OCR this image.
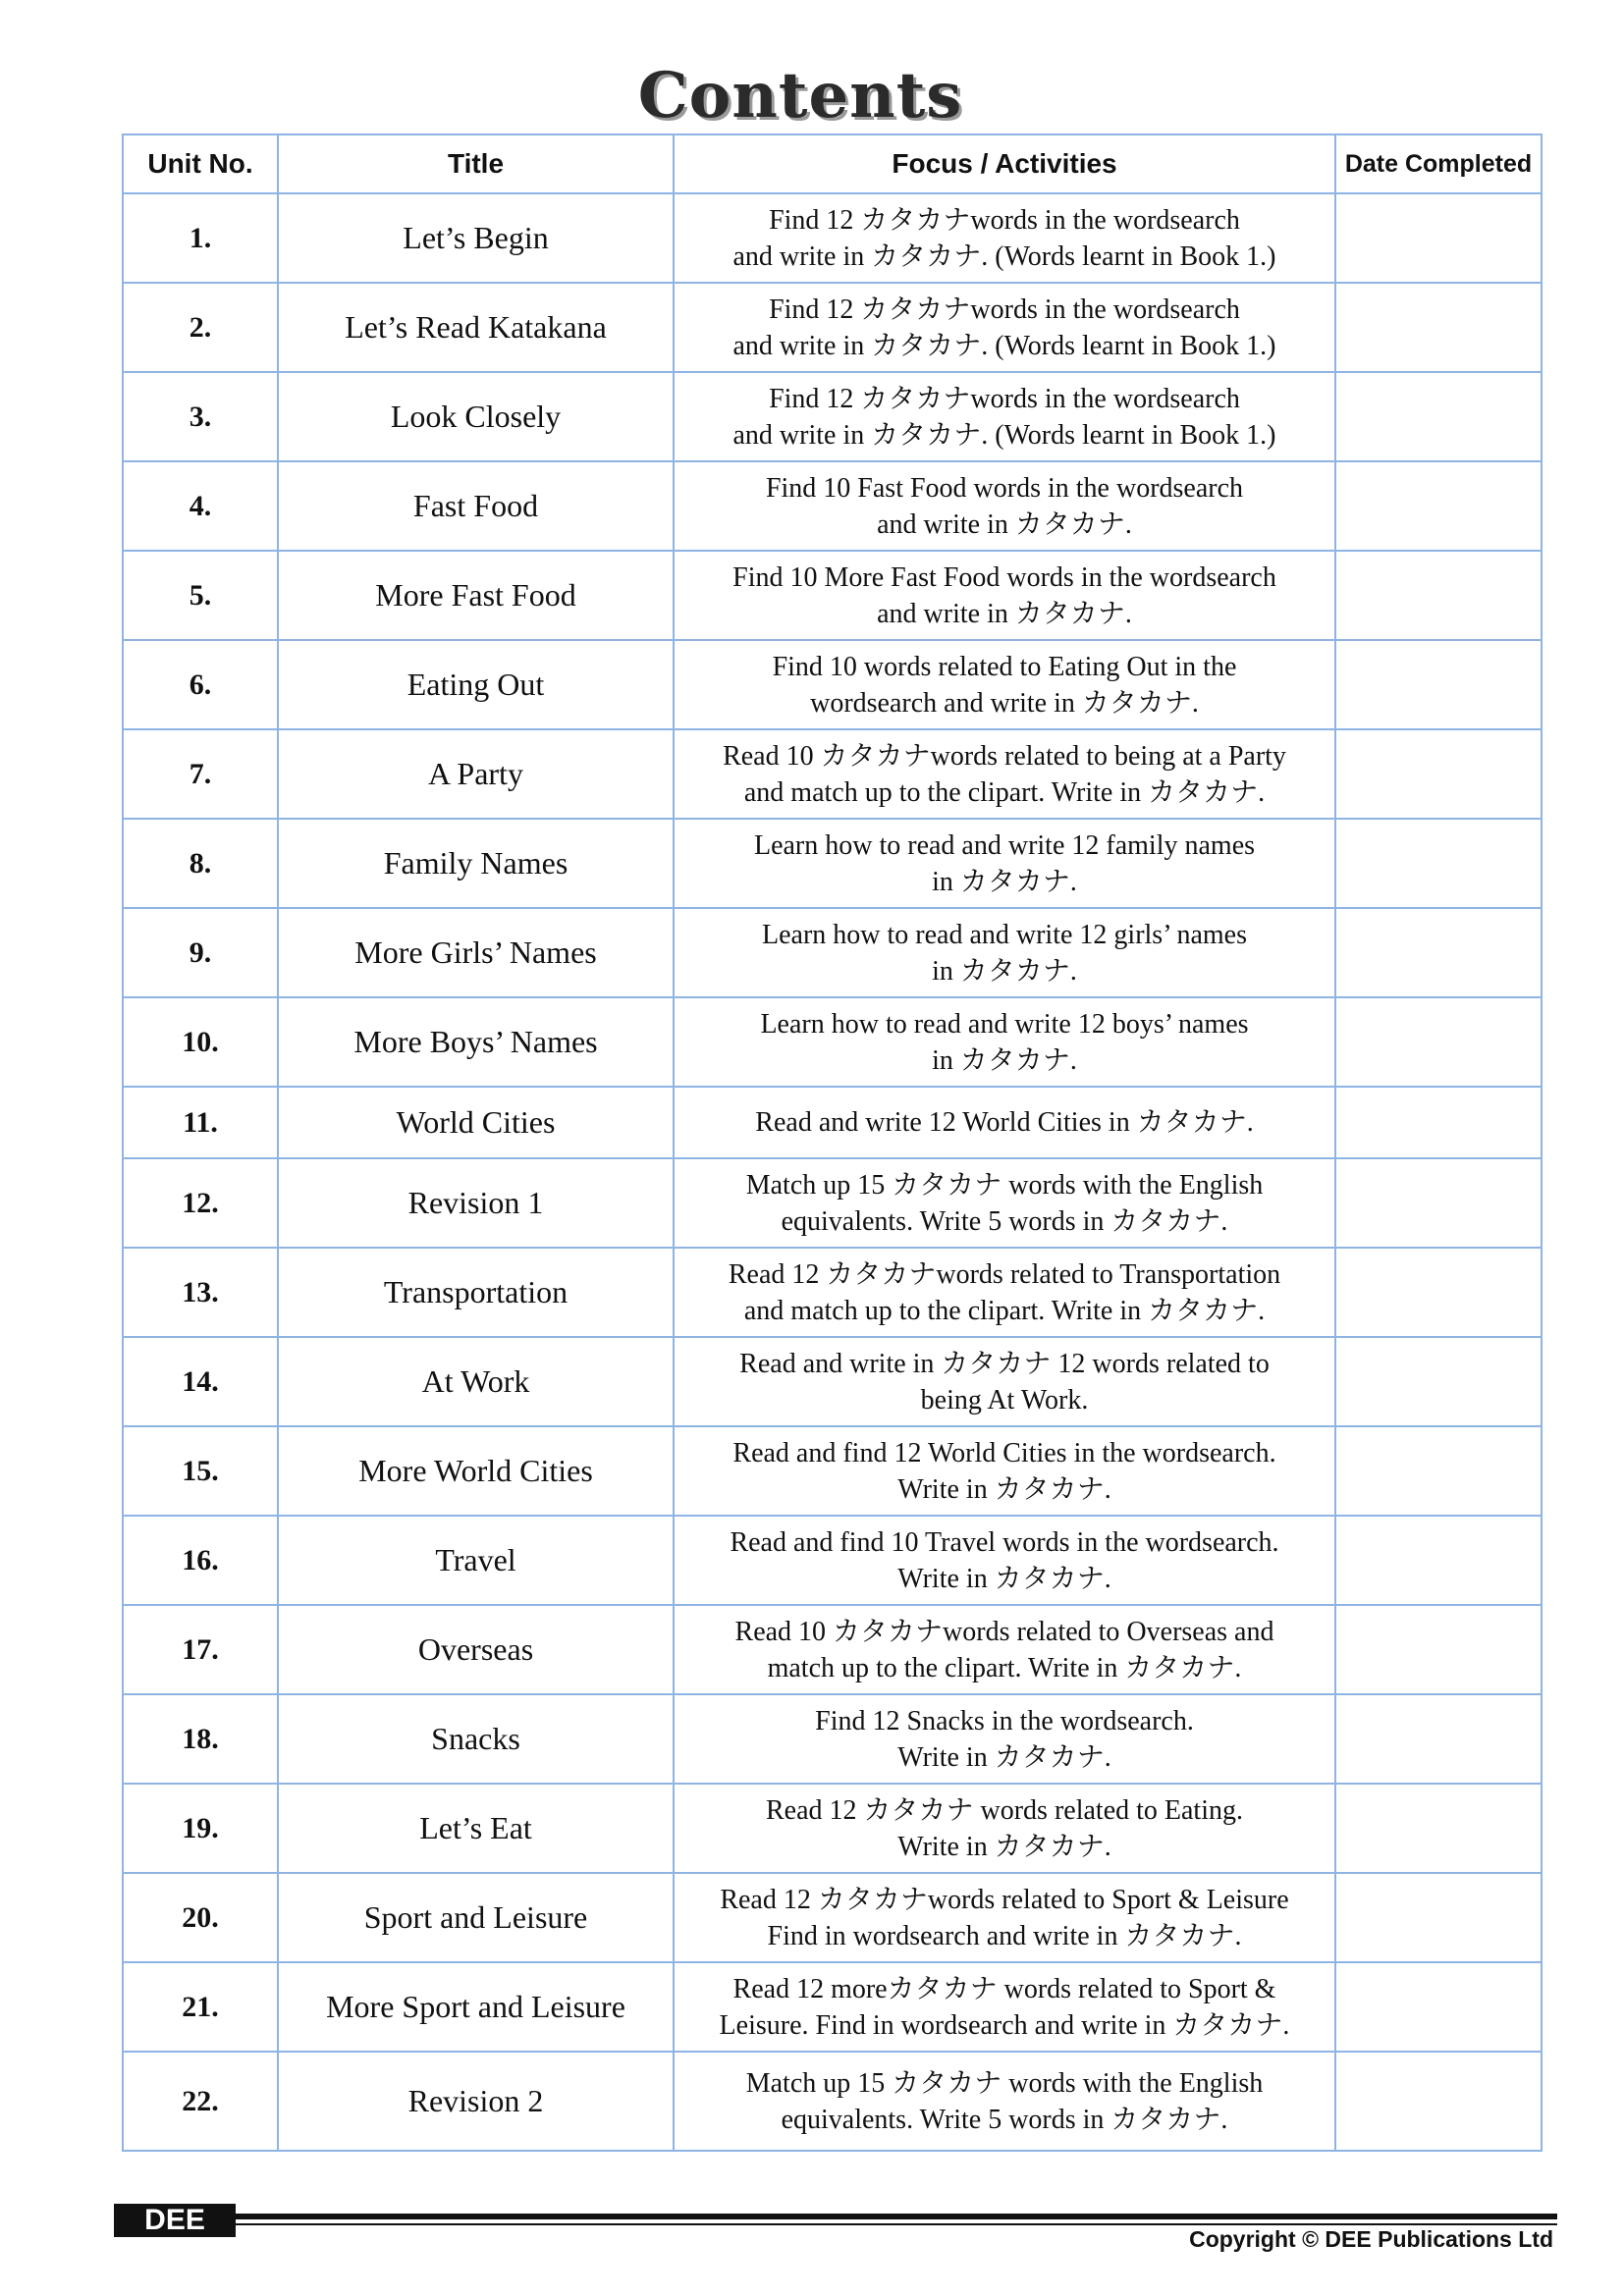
Contents
Unit No.	Title	Focus / Activities	Date Completed
1.	Let’s Begin	Find 12 カタカナwords in the wordsearch
and write in カタカナ. (Words learnt in Book 1.)	

2.	Let’s Read Katakana	Find 12 カタカナwords in the wordsearch
and write in カタカナ. (Words learnt in Book 1.)	

3.	Look Closely	Find 12 カタカナwords in the wordsearch
and write in カタカナ. (Words learnt in Book 1.)	

4.	Fast Food	Find 10 Fast Food words in the wordsearch
and write in カタカナ.	

5.	More Fast Food	Find 10 More Fast Food words in the wordsearch
and write in カタカナ.	

6.	Eating Out	Find 10 words related to Eating Out in the
wordsearch and write in カタカナ.	

7.	A Party	Read 10 カタカナwords related to being at a Party
and match up to the clipart. Write in カタカナ.	

8.	Family Names	Learn how to read and write 12 family names
in カタカナ.	

9.	More Girls’ Names	Learn how to read and write 12 girls’ names
in カタカナ.	

10.	More Boys’ Names	Learn how to read and write 12 boys’ names
in カタカナ.	

11.	World Cities	Read and write 12 World Cities in カタカナ.	

12.	Revision 1	Match up 15 カタカナ words with the English
equivalents. Write 5 words in カタカナ.	

13.	Transportation	Read 12 カタカナwords related to Transportation
and match up to the clipart. Write in カタカナ.	

14.	At Work	Read and write in カタカナ 12 words related to
being At Work.	

15.	More World Cities	Read and find 12 World Cities in the wordsearch.
Write in カタカナ.	

16.	Travel	Read and find 10 Travel words in the wordsearch.
Write in カタカナ.	

17.	Overseas	Read 10 カタカナwords related to Overseas and
match up to the clipart. Write in カタカナ.	

18.	Snacks	Find 12 Snacks in the wordsearch.
Write in カタカナ.	

19.	Let’s Eat	Read 12 カタカナ words related to Eating.
Write in カタカナ.	

20.	Sport and Leisure	Read 12 カタカナwords related to Sport & Leisure
Find in wordsearch and write in カタカナ.	

21.	More Sport and Leisure	Read 12 moreカタカナ words related to Sport &
Leisure. Find in wordsearch and write in カタカナ.	

22.	Revision 2	Match up 15 カタカナ words with the English
equivalents. Write 5 words in カタカナ.	

DEE
Copyright © DEE Publications Ltd
